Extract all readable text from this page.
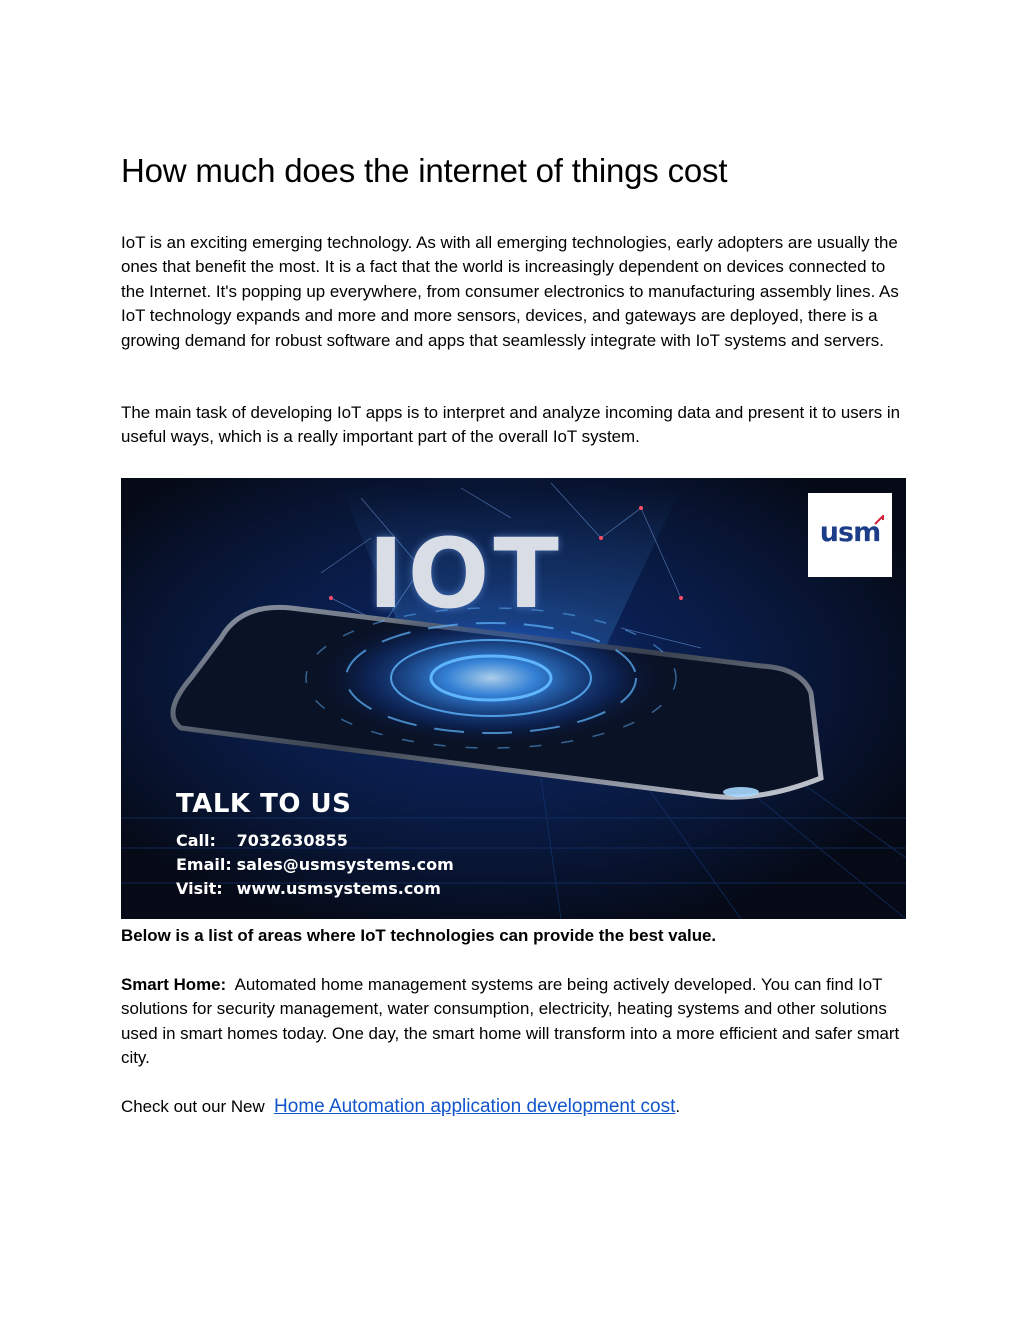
How much does the internet of things cost

IoT is an exciting emerging technology. As with all emerging technologies, early adopters are usually the ones that benefit the most. It is a fact that the world is increasingly dependent on devices connected to the Internet. It's popping up everywhere, from consumer electronics to manufacturing assembly lines. As IoT technology expands and more and more sensors, devices, and gateways are deployed, there is a growing demand for robust software and apps that seamlessly integrate with IoT systems and servers.

The main task of developing IoT apps is to interpret and analyze incoming data and present it to users in useful ways, which is a really important part of the overall IoT system.

IOT	usm
TALK TO US
Call: 7032630855
Email: sales@usmsystems.com
Visit: www.usmsystems.com

Below is a list of areas where IoT technologies can provide the best value.

Smart Home: Automated home management systems are being actively developed. You can find IoT solutions for security management, water consumption, electricity, heating systems and other solutions used in smart homes today. One day, the smart home will transform into a more efficient and safer smart city.

Check out our New Home Automation application development cost.
